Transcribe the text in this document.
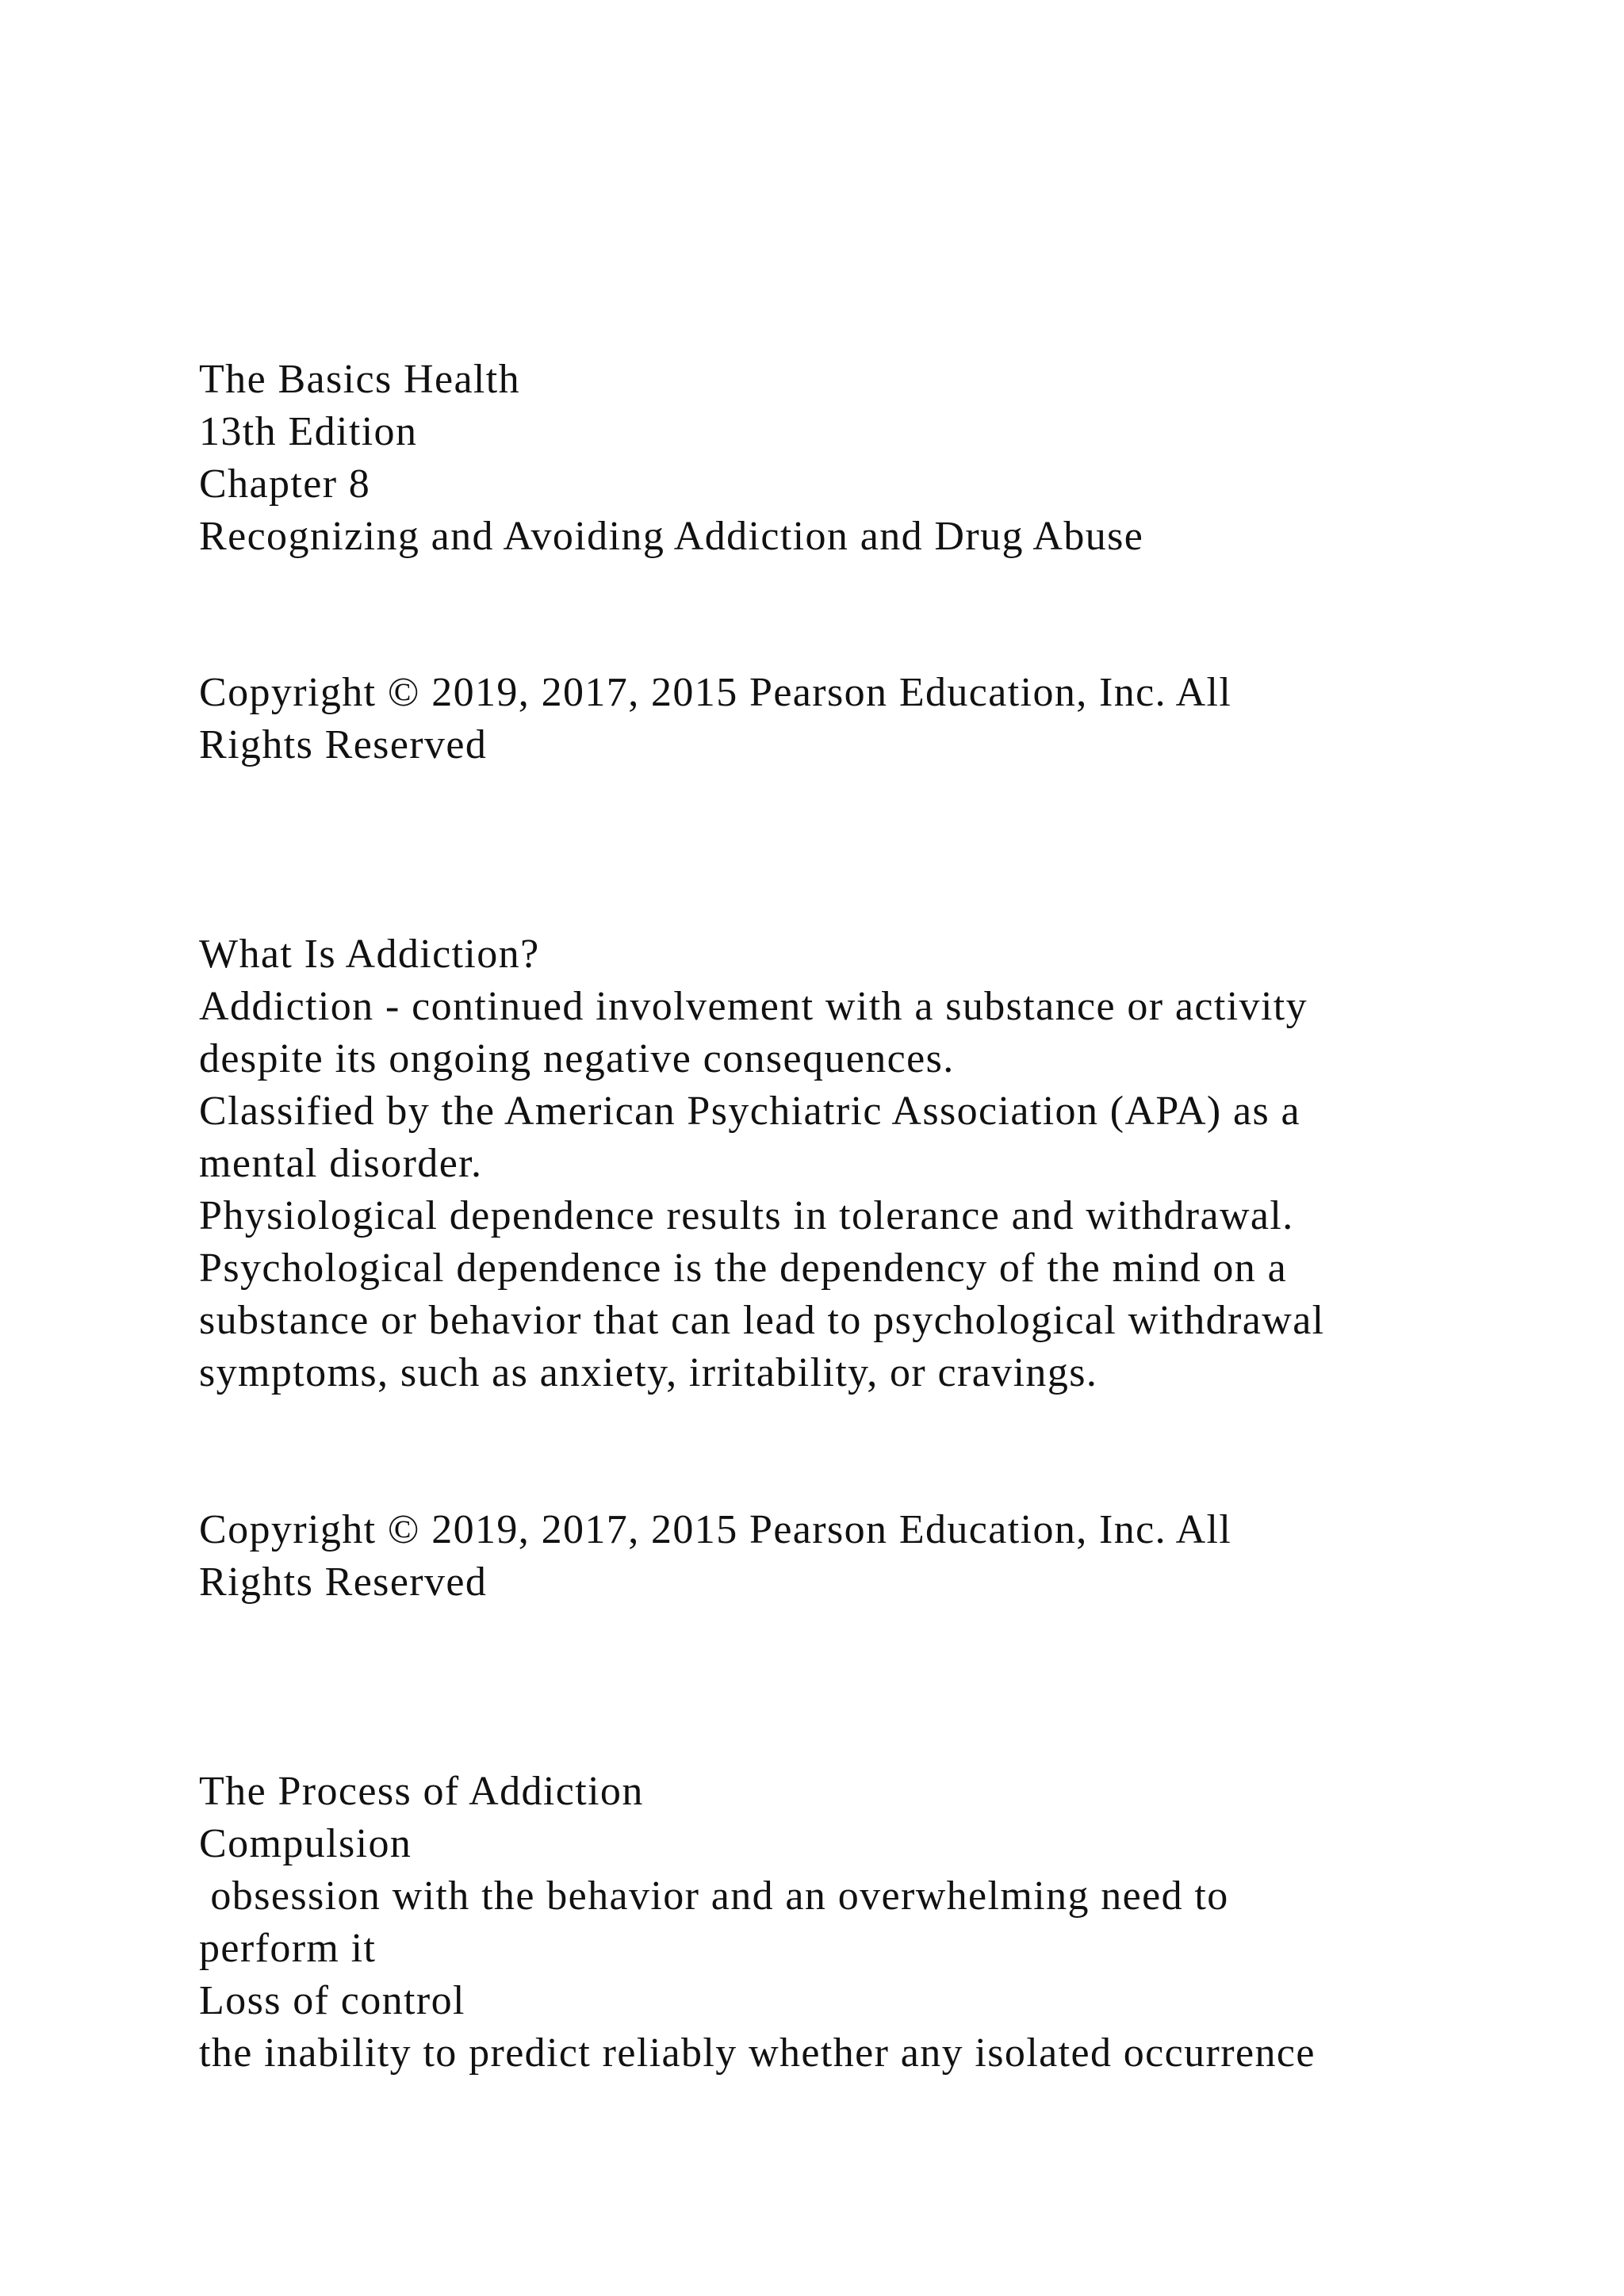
The Basics Health

13th Edition

Chapter 8

Recognizing and Avoiding Addiction and Drug Abuse

Copyright © 2019, 2017, 2015 Pearson Education, Inc. All

Rights Reserved

What Is Addiction?

Addiction - continued involvement with a substance or activity

despite its ongoing negative consequences.

Classified by the American Psychiatric Association (APA) as a

mental disorder.

Physiological dependence results in tolerance and withdrawal.

Psychological dependence is the dependency of the mind on a

substance or behavior that can lead to psychological withdrawal

symptoms, such as anxiety, irritability, or cravings.

Copyright © 2019, 2017, 2015 Pearson Education, Inc. All

Rights Reserved

The Process of Addiction

Compulsion

obsession with the behavior and an overwhelming need to

perform it

Loss of control

the inability to predict reliably whether any isolated occurrence
